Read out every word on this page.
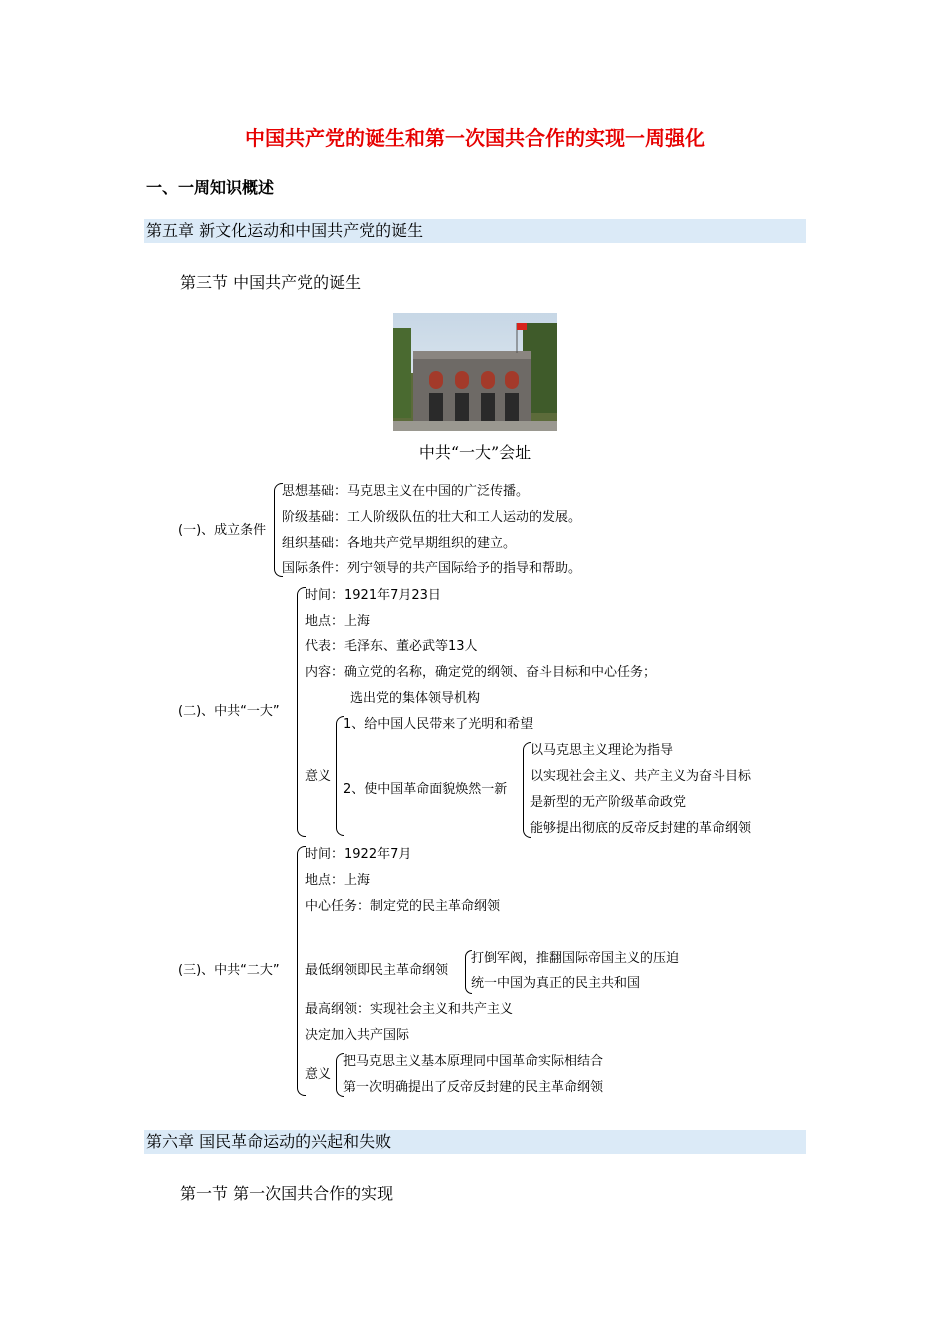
中国共产党的诞生和第一次国共合作的实现一周强化
一、一周知识概述
第五章 新文化运动和中国共产党的诞生
第三节 中国共产党的诞生
中共“一大”会址
(一)、成立条件
思想基础：马克思主义在中国的广泛传播。
阶级基础：工人阶级队伍的壮大和工人运动的发展。
组织基础：各地共产党早期组织的建立。
国际条件：列宁领导的共产国际给予的指导和帮助。
(二)、中共“一大”
时间：1921年7月23日
地点：上海
代表：毛泽东、董必武等13人
内容：确立党的名称，确定党的纲领、奋斗目标和中心任务；
选出党的集体领导机构
意义
1、给中国人民带来了光明和希望
2、使中国革命面貌焕然一新
以马克思主义理论为指导
以实现社会主义、共产主义为奋斗目标
是新型的无产阶级革命政党
能够提出彻底的反帝反封建的革命纲领
(三)、中共“二大”
时间：1922年7月
地点：上海
中心任务：制定党的民主革命纲领
最低纲领即民主革命纲领
打倒军阀，推翻国际帝国主义的压迫
统一中国为真正的民主共和国
最高纲领：实现社会主义和共产主义
决定加入共产国际
意义
把马克思主义基本原理同中国革命实际相结合
第一次明确提出了反帝反封建的民主革命纲领
第六章 国民革命运动的兴起和失败
第一节 第一次国共合作的实现
